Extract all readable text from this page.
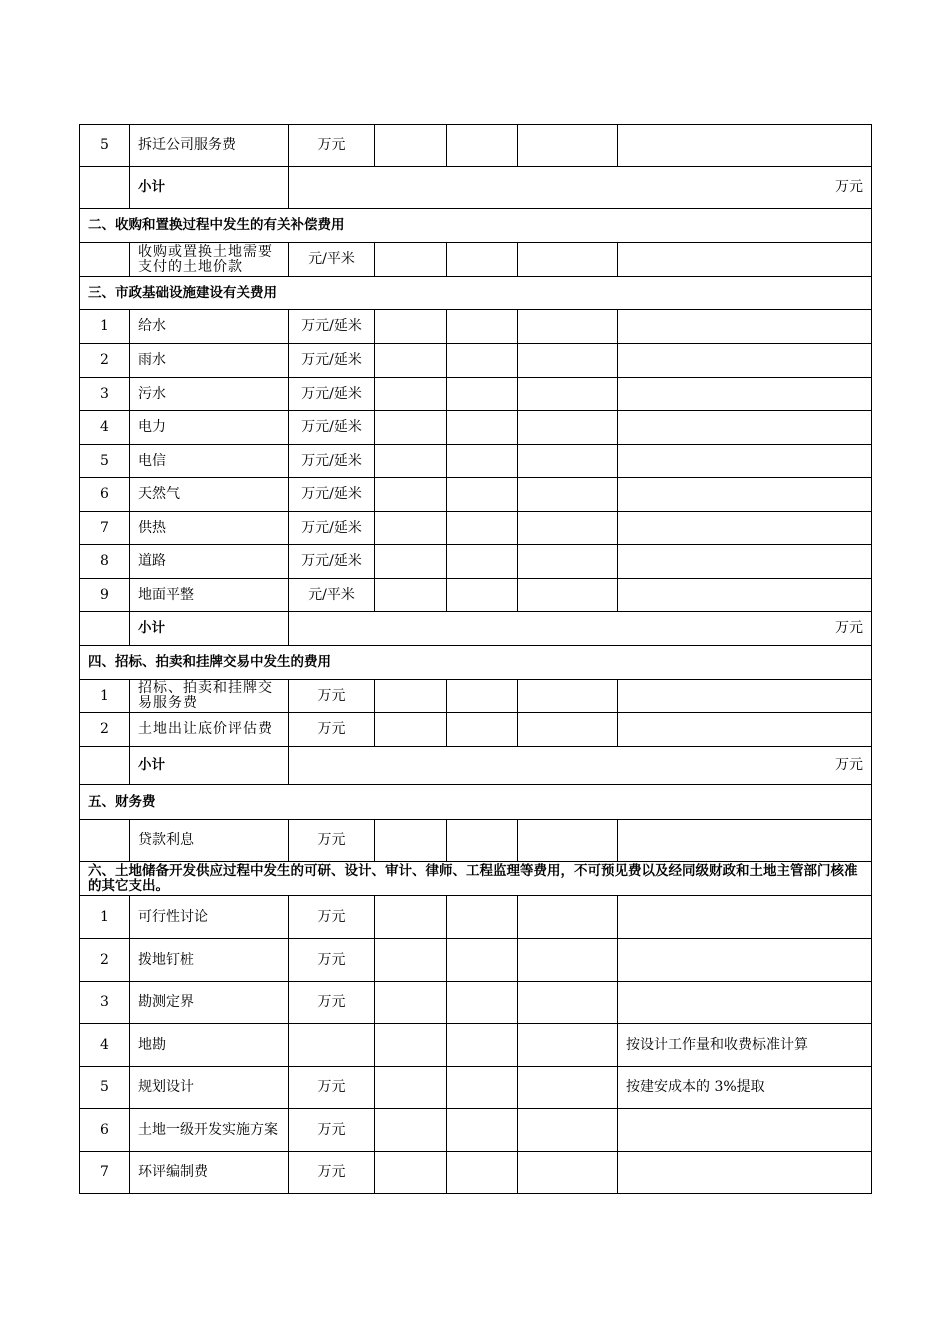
5	拆迁公司服务费	万元				
	小计	万元				
二、收购和置换过程中发生的有关补偿费用						
	收购或置换土地需要支付的土地价款	元/平米				
三、市政基础设施建设有关费用						
1	给水	万元/延米				
2	雨水	万元/延米				
3	污水	万元/延米				
4	电力	万元/延米				
5	电信	万元/延米				
6	天然气	万元/延米				
7	供热	万元/延米				
8	道路	万元/延米				
9	地面平整	元/平米				
	小计	万元				
四、招标、拍卖和挂牌交易中发生的费用						
1	招标、拍卖和挂牌交易服务费	万元				
2	土地出让底价评估费	万元				
	小计	万元				
五、财务费						
	贷款利息	万元				
六、土地储备开发供应过程中发生的可研、设计、审计、律师、工程监理等费用，不可预见费以及经同级财政和土地主管部门核准的其它支出。						
1	可行性讨论	万元				
2	拨地钉桩	万元				
3	勘测定界	万元				
4	地勘					按设计工作量和收费标准计算
5	规划设计	万元				按建安成本的 3%提取
6	土地一级开发实施方案	万元				
7	环评编制费	万元				
